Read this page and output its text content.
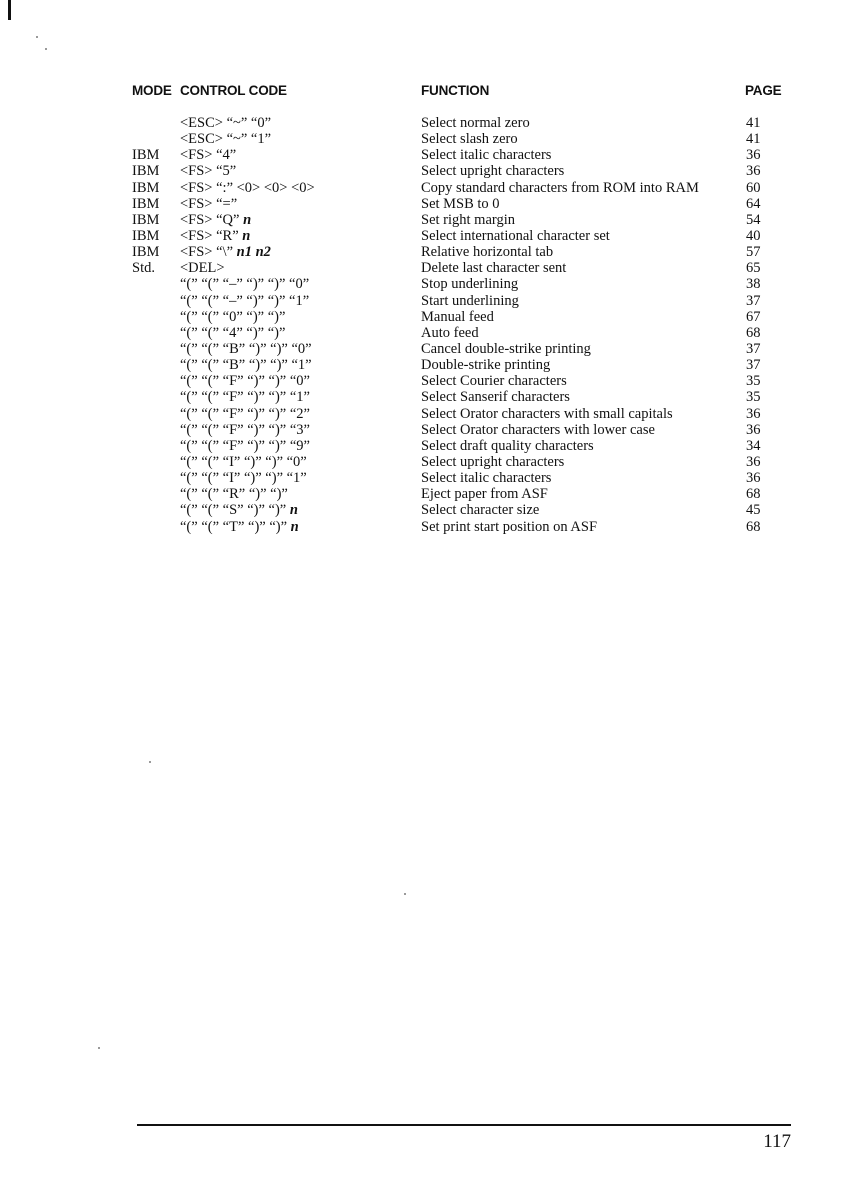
MODE CONTROL CODE	FUNCTION	PAGE
<ESC> “~” “0”	Select normal zero	41
<ESC> “~” “1”	Select slash zero	41
IBM <FS> “4”	Select italic characters	36
IBM <FS> “5”	Select upright characters	36
IBM <FS> “:” <0> <0> <0>	Copy standard characters from ROM into RAM	60
IBM <FS> “=”	Set MSB to 0	64
IBM <FS> “Q” n	Set right margin	54
IBM <FS> “R” n	Select international character set	40
IBM <FS> “\” n1 n2	Relative horizontal tab	57
Std. <DEL>	Delete last character sent	65
“(” “(” “–” “)” “)” “0”	Stop underlining	38
“(” “(” “–” “)” “)” “1”	Start underlining	37
“(” “(” “0” “)” “)”	Manual feed	67
“(” “(” “4” “)” “)”	Auto feed	68
“(” “(” “B” “)” “)” “0”	Cancel double-strike printing	37
“(” “(” “B” “)” “)” “1”	Double-strike printing	37
“(” “(” “F” “)” “)” “0”	Select Courier characters	35
“(” “(” “F” “)” “)” “1”	Select Sanserif characters	35
“(” “(” “F” “)” “)” “2”	Select Orator characters with small capitals	36
“(” “(” “F” “)” “)” “3”	Select Orator characters with lower case	36
“(” “(” “F” “)” “)” “9”	Select draft quality characters	34
“(” “(” “I” “)” “)” “0”	Select upright characters	36
“(” “(” “I” “)” “)” “1”	Select italic characters	36
“(” “(” “R” “)” “)”	Eject paper from ASF	68
“(” “(” “S” “)” “)” n	Select character size	45
“(” “(” “T” “)” “)” n	Set print start position on ASF	68
117
